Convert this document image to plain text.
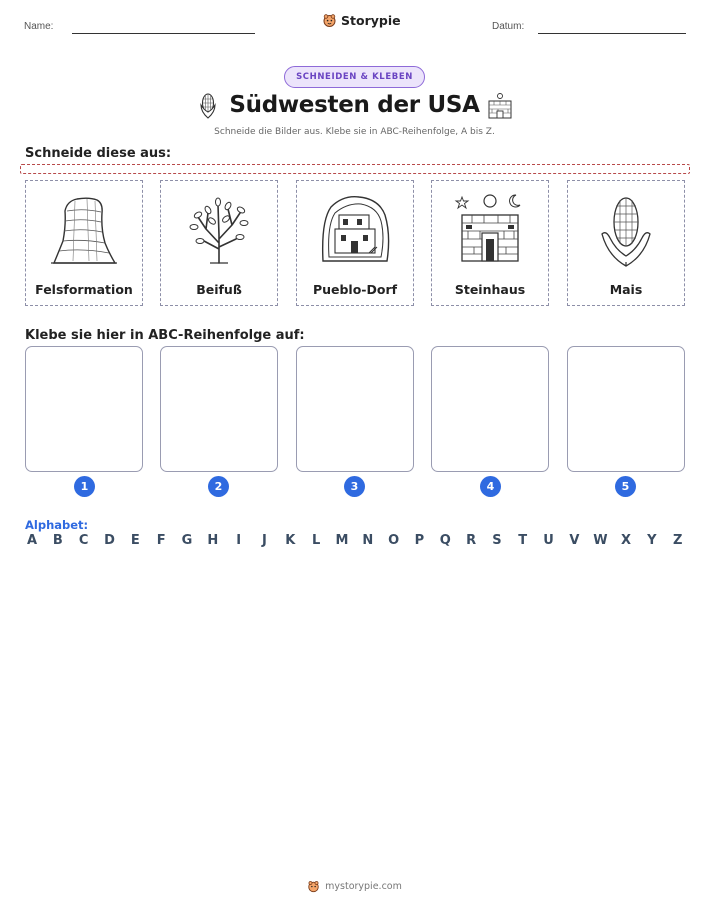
Name:	Storypie	Datum:
SCHNEIDEN & KLEBEN
Südwesten der USA
Schneide die Bilder aus. Klebe sie in ABC-Reihenfolge, A bis Z.
Schneide diese aus:
Felsformation	Beifuß	Pueblo-Dorf	Steinhaus	Mais
Klebe sie hier in ABC-Reihenfolge auf:
1	2	3	4	5
Alphabet:
A B C D E F G H	I	J	K L M N O P Q R S T U V W X Y Z
mystorypie.com
